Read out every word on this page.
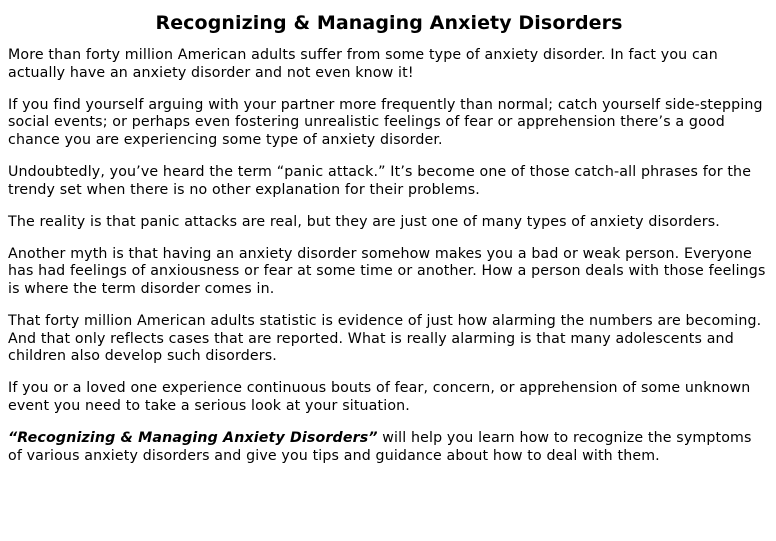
Recognizing & Managing Anxiety Disorders

More than forty million American adults suffer from some type of anxiety disorder. In fact you can actually have an anxiety disorder and not even know it!

If you find yourself arguing with your partner more frequently than normal; catch yourself side-stepping social events; or perhaps even fostering unrealistic feelings of fear or apprehension there’s a good chance you are experiencing some type of anxiety disorder.

Undoubtedly, you’ve heard the term “panic attack.” It’s become one of those catch-all phrases for the trendy set when there is no other explanation for their problems.

The reality is that panic attacks are real, but they are just one of many types of anxiety disorders.

Another myth is that having an anxiety disorder somehow makes you a bad or weak person. Everyone has had feelings of anxiousness or fear at some time or another. How a person deals with those feelings is where the term disorder comes in.

That forty million American adults statistic is evidence of just how alarming the numbers are becoming. And that only reflects cases that are reported. What is really alarming is that many adolescents and children also develop such disorders.

If you or a loved one experience continuous bouts of fear, concern, or apprehension of some unknown event you need to take a serious look at your situation.

“Recognizing & Managing Anxiety Disorders” will help you learn how to recognize the symptoms of various anxiety disorders and give you tips and guidance about how to deal with them.
